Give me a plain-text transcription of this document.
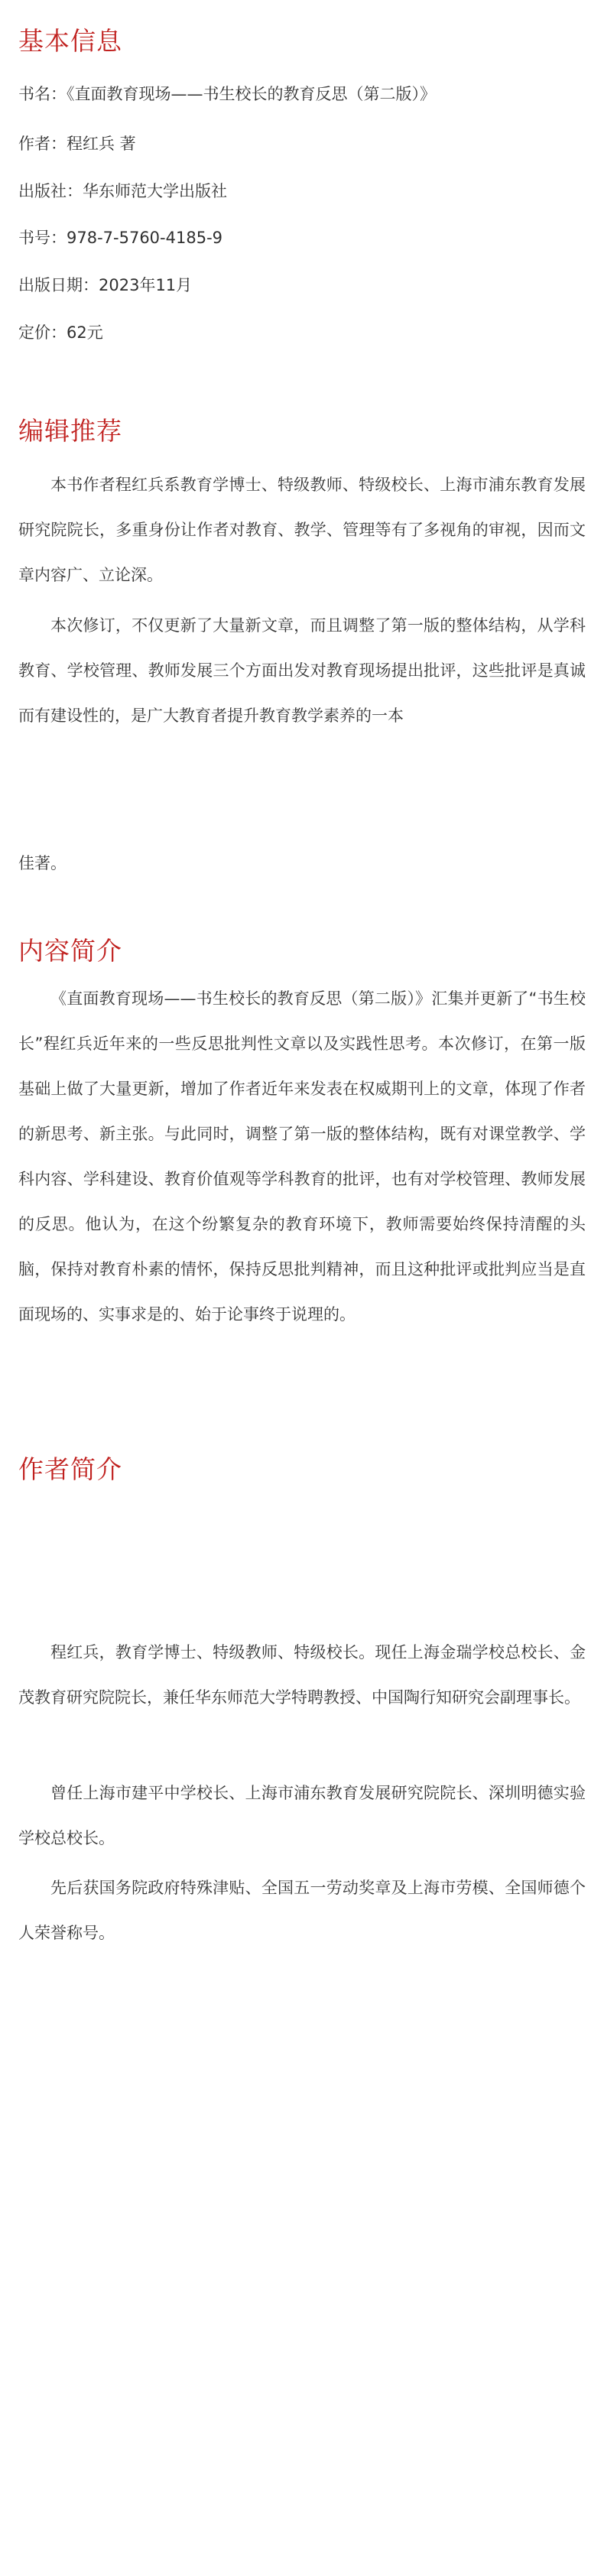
基本信息

书名：《直面教育现场——书生校长的教育反思（第二版）》

作者：程红兵 著

出版社：华东师范大学出版社

书号：978-7-5760-4185-9

出版日期：2023年11月

定价：62元

编辑推荐

本书作者程红兵系教育学博士、特级教师、特级校长、上海市浦东教育发展研究院院长，多重身份让作者对教育、教学、管理等有了多视角的审视，因而文章内容广、立论深。

本次修订，不仅更新了大量新文章，而且调整了第一版的整体结构，从学科教育、学校管理、教师发展三个方面出发对教育现场提出批评，这些批评是真诚而有建设性的，是广大教育者提升教育教学素养的一本

佳著。

内容简介

《直面教育现场——书生校长的教育反思（第二版）》汇集并更新了“书生校长”程红兵近年来的一些反思批判性文章以及实践性思考。本次修订，在第一版基础上做了大量更新，增加了作者近年来发表在权威期刊上的文章，体现了作者的新思考、新主张。与此同时，调整了第一版的整体结构，既有对课堂教学、学科内容、学科建设、教育价值观等学科教育的批评，也有对学校管理、教师发展的反思。他认为，在这个纷繁复杂的教育环境下，教师需要始终保持清醒的头脑，保持对教育朴素的情怀，保持反思批判精神，而且这种批评或批判应当是直面现场的、实事求是的、始于论事终于说理的。

作者简介

程红兵，教育学博士、特级教师、特级校长。现任上海金瑞学校总校长、金茂教育研究院院长，兼任华东师范大学特聘教授、中国陶行知研究会副理事长。

曾任上海市建平中学校长、上海市浦东教育发展研究院院长、深圳明德实验学校总校长。

先后获国务院政府特殊津贴、全国五一劳动奖章及上海市劳模、全国师德个人荣誉称号。
